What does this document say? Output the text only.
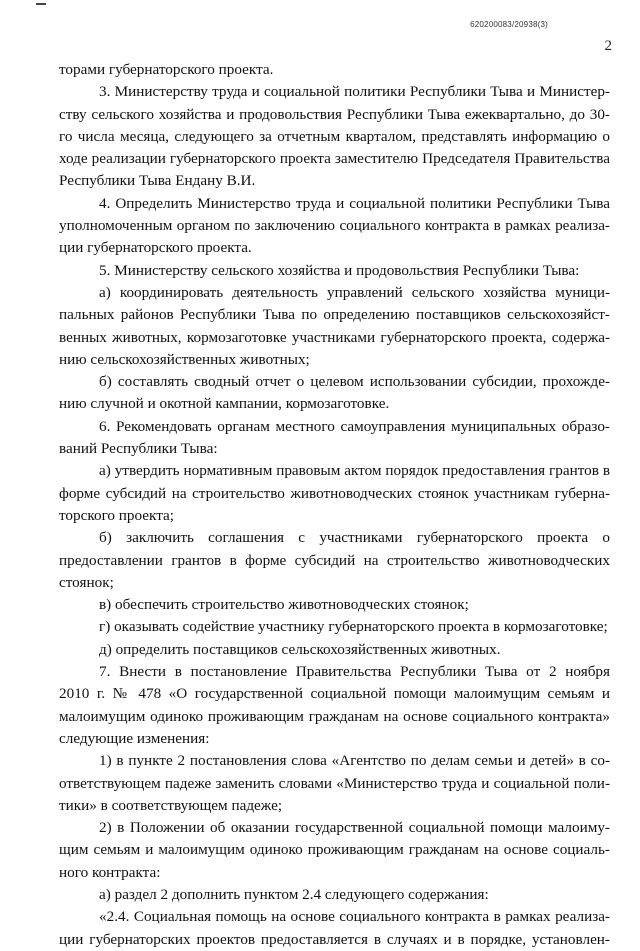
620200083/20938(3)
2
торами губернаторского проекта.
3. Министерству труда и социальной политики Республики Тыва и Министер-
ству сельского хозяйства и продовольствия Республики Тыва ежеквартально, до 30-
го числа месяца, следующего за отчетным кварталом, представлять информацию о
ходе реализации губернаторского проекта заместителю Председателя Правительства
Республики Тыва Ендану В.И.
4. Определить Министерство труда и социальной политики Республики Тыва
уполномоченным органом по заключению социального контракта в рамках реализа-
ции губернаторского проекта.
5. Министерству сельского хозяйства и продовольствия Республики Тыва:
а) координировать деятельность управлений сельского хозяйства муници-
пальных районов Республики Тыва по определению поставщиков сельскохозяйст-
венных животных, кормозаготовке участниками губернаторского проекта, содержа-
нию сельскохозяйственных животных;
б) составлять сводный отчет о целевом использовании субсидии, прохожде-
нию случной и окотной кампании, кормозаготовке.
6. Рекомендовать органам местного самоуправления муниципальных образо-
ваний Республики Тыва:
а) утвердить нормативным правовым актом порядок предоставления грантов в
форме субсидий на строительство животноводческих стоянок участникам губерна-
торского проекта;
б) заключить соглашения с участниками губернаторского проекта о
предоставлении грантов в форме субсидий на строительство животноводческих
стоянок;
в) обеспечить строительство животноводческих стоянок;
г) оказывать содействие участнику губернаторского проекта в кормозаготовке;
д) определить поставщиков сельскохозяйственных животных.
7. Внести в постановление Правительства Республики Тыва от 2 ноября
2010 г. № 478 «О государственной социальной помощи малоимущим семьям и
малоимущим одиноко проживающим гражданам на основе социального контракта»
следующие изменения:
1) в пункте 2 постановления слова «Агентство по делам семьи и детей» в со-
ответствующем падеже заменить словами «Министерство труда и социальной поли-
тики» в соответствующем падеже;
2) в Положении об оказании государственной социальной помощи малоиму-
щим семьям и малоимущим одиноко проживающим гражданам на основе социаль-
ного контракта:
а) раздел 2 дополнить пунктом 2.4 следующего содержания:
«2.4. Социальная помощь на основе социального контракта в рамках реализа-
ции губернаторских проектов предоставляется в случаях и в порядке, установлен-
